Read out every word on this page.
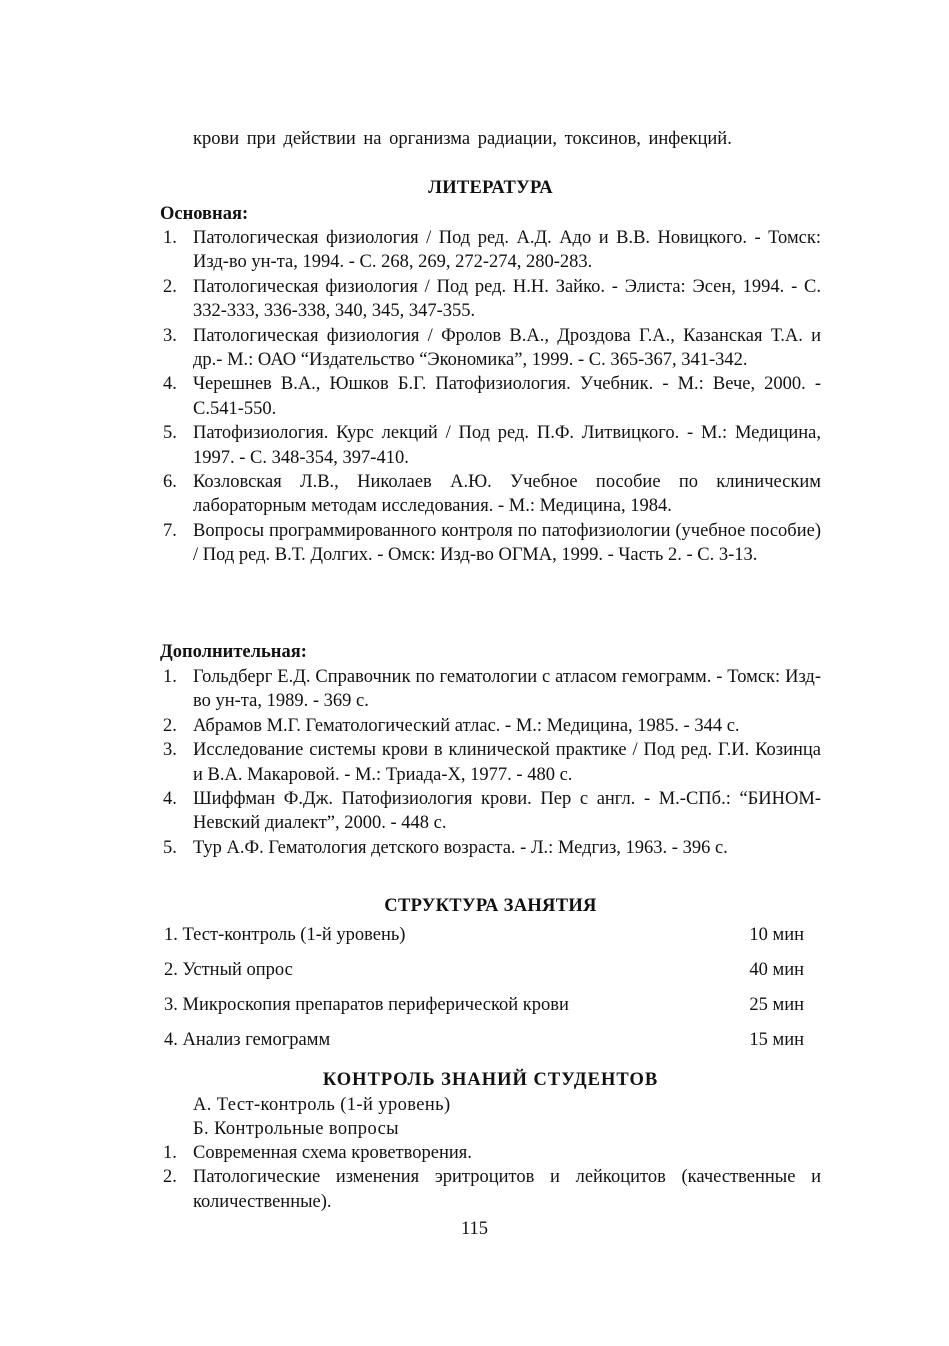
крови при действии на организма радиации, токсинов, инфекций.
ЛИТЕРАТУРА
Основная:
1. Патологическая физиология / Под ред. А.Д. Адо и В.В. Новицкого. - Томск: Изд-во ун-та, 1994. - С. 268, 269, 272-274, 280-283.
2. Патологическая физиология / Под ред. Н.Н. Зайко. - Элиста: Эсен, 1994. - С. 332-333, 336-338, 340, 345, 347-355.
3. Патологическая физиология / Фролов В.А., Дроздова Г.А., Казанская Т.А. и др.- М.: ОАО “Издательство “Экономика”, 1999. - С. 365-367, 341-342.
4. Черешнев В.А., Юшков Б.Г. Патофизиология. Учебник. - М.: Вече, 2000. - С.541-550.
5. Патофизиология. Курс лекций / Под ред. П.Ф. Литвицкого. - М.: Медицина, 1997. - С. 348-354, 397-410.
6. Козловская Л.В., Николаев А.Ю. Учебное пособие по клиническим лабораторным методам исследования. - М.: Медицина, 1984.
7. Вопросы программированного контроля по патофизиологии (учебное пособие) / Под ред. В.Т. Долгих. - Омск: Изд-во ОГМА, 1999. - Часть 2. - С. 3-13.
Дополнительная:
1. Гольдберг Е.Д. Справочник по гематологии с атласом гемограмм. - Томск: Изд-во ун-та, 1989. - 369 с.
2. Абрамов М.Г. Гематологический атлас. - М.: Медицина, 1985. - 344 с.
3. Исследование системы крови в клинической практике / Под ред. Г.И. Козинца и В.А. Макаровой. - М.: Триада-Х, 1977. - 480 с.
4. Шиффман Ф.Дж. Патофизиология крови. Пер с англ. - М.-СПб.: “БИНОМ-Невский диалект”, 2000. - 448 с.
5. Тур А.Ф. Гематология детского возраста. - Л.: Медгиз, 1963. - 396 с.
СТРУКТУРА ЗАНЯТИЯ
1. Тест-контроль (1-й уровень)	10 мин
2. Устный опрос	40 мин
3. Микроскопия препаратов периферической крови	25 мин
4. Анализ гемограмм	15 мин
КОНТРОЛЬ ЗНАНИЙ СТУДЕНТОВ
А. Тест-контроль (1-й уровень)
Б. Контрольные вопросы
1. Современная схема кроветворения.
2. Патологические изменения эритроцитов и лейкоцитов (качественные и количественные).
115
